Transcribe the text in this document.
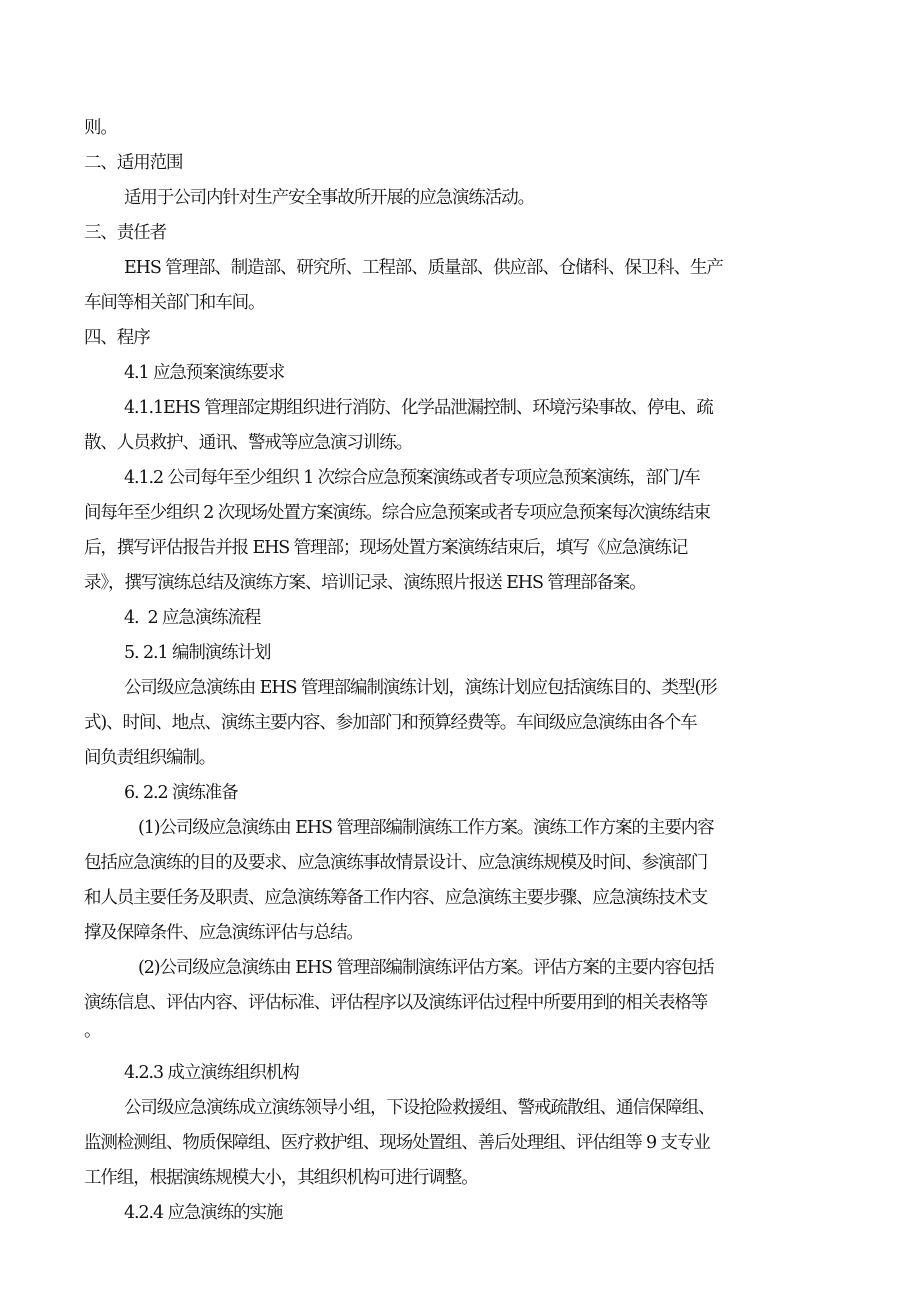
则。

二、适用范围

适用于公司内针对生产安全事故所开展的应急演练活动。

三、责任者

EHS 管理部、制造部、研究所、工程部、质量部、供应部、仓储科、保卫科、生产

车间等相关部门和车间。

四、程序

4.1 应急预案演练要求

4.1.1EHS 管理部定期组织进行消防、化学品泄漏控制、环境污染事故、停电、疏

散、人员救护、通讯、警戒等应急演习训练。

4.1.2 公司每年至少组织 1 次综合应急预案演练或者专项应急预案演练，部门/车

间每年至少组织 2 次现场处置方案演练。综合应急预案或者专项应急预案每次演练结束

后，撰写评估报告并报 EHS 管理部；现场处置方案演练结束后，填写《应急演练记

录》，撰写演练总结及演练方案、培训记录、演练照片报送 EHS 管理部备案。

4. 2 应急演练流程

5. 2.1 编制演练计划

公司级应急演练由 EHS 管理部编制演练计划，演练计划应包括演练目的、类型(形

式)、时间、地点、演练主要内容、参加部门和预算经费等。车间级应急演练由各个车

间负责组织编制。

6. 2.2 演练准备

(1)公司级应急演练由 EHS 管理部编制演练工作方案。演练工作方案的主要内容

包括应急演练的目的及要求、应急演练事故情景设计、应急演练规模及时间、参演部门

和人员主要任务及职责、应急演练筹备工作内容、应急演练主要步骤、应急演练技术支

撑及保障条件、应急演练评估与总结。

(2)公司级应急演练由 EHS 管理部编制演练评估方案。评估方案的主要内容包括

演练信息、评估内容、评估标准、评估程序以及演练评估过程中所要用到的相关表格等

。

4.2.3 成立演练组织机构

公司级应急演练成立演练领导小组，下设抢险救援组、警戒疏散组、通信保障组、

监测检测组、物质保障组、医疗救护组、现场处置组、善后处理组、评估组等 9 支专业

工作组，根据演练规模大小，其组织机构可进行调整。

4.2.4 应急演练的实施
